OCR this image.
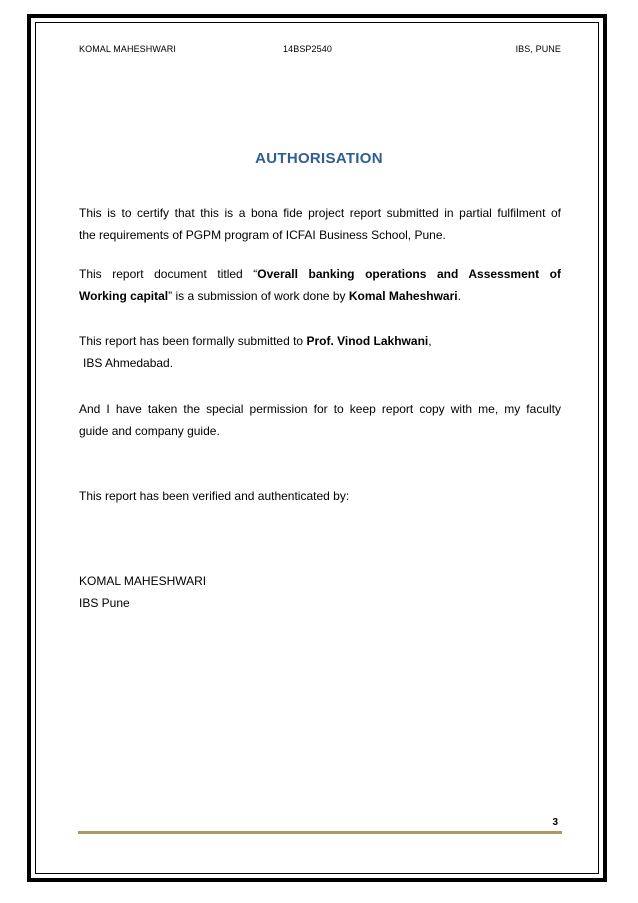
KOMAL MAHESHWARI	14BSP2540	IBS, PUNE
AUTHORISATION
This is to certify that this is a bona fide project report submitted in partial fulfilment of
the requirements of PGPM program of ICFAI Business School, Pune.
This report document titled “Overall banking operations and Assessment of
Working capital” is a submission of work done by Komal Maheshwari.
This report has been formally submitted to Prof. Vinod Lakhwani,
IBS Ahmedabad.
And I have taken the special permission for to keep report copy with me, my faculty
guide and company guide.
This report has been verified and authenticated by:
KOMAL MAHESHWARI
IBS Pune
3
